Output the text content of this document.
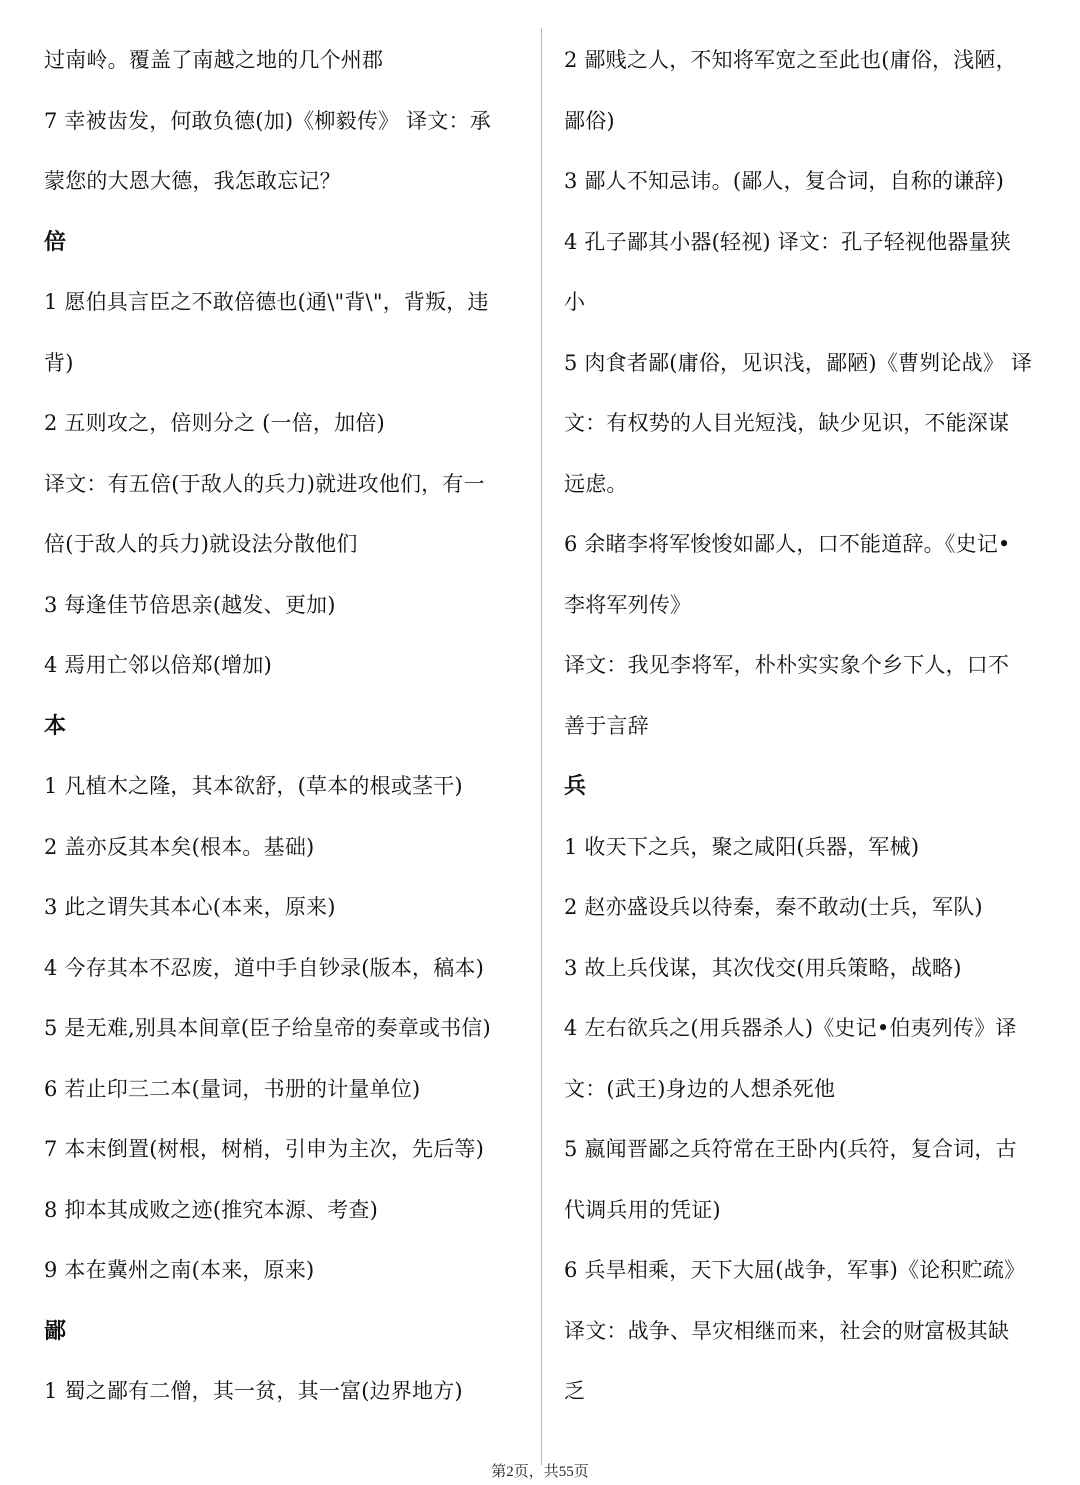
过南岭。覆盖了南越之地的几个州郡
7 幸被齿发，何敢负德(加)《柳毅传》 译文：承
蒙您的大恩大德，我怎敢忘记？
倍
1 愿伯具言臣之不敢倍德也(通\"背\"，背叛，违
背)
2 五则攻之，倍则分之 (一倍，加倍)
译文：有五倍(于敌人的兵力)就进攻他们，有一
倍(于敌人的兵力)就设法分散他们
3 每逢佳节倍思亲(越发、更加)
4 焉用亡邻以倍郑(增加)
本
1 凡植木之隆，其本欲舒，(草本的根或茎干)
2 盖亦反其本矣(根本。基础)
3 此之谓失其本心(本来，原来)
4 今存其本不忍废，道中手自钞录(版本，稿本)
5 是无难,别具本间章(臣子给皇帝的奏章或书信)
6 若止印三二本(量词，书册的计量单位)
7 本末倒置(树根，树梢，引申为主次，先后等)
8 抑本其成败之迹(推究本源、考查)
9 本在冀州之南(本来，原来)
鄙
1 蜀之鄙有二僧，其一贫，其一富(边界地方)
2 鄙贱之人，不知将军宽之至此也(庸俗，浅陋，
鄙俗)
3 鄙人不知忌讳。(鄙人，复合词，自称的谦辞)
4 孔子鄙其小器(轻视) 译文：孔子轻视他器量狭
小
5 肉食者鄙(庸俗，见识浅，鄙陋)《曹刿论战》 译
文：有权势的人目光短浅，缺少见识，不能深谋
远虑。
6 余睹李将军悛悛如鄙人，口不能道辞。《史记•
李将军列传》
译文：我见李将军，朴朴实实象个乡下人，口不
善于言辞
兵
1 收天下之兵，聚之咸阳(兵器，军械)
2 赵亦盛设兵以待秦，秦不敢动(士兵，军队)
3 故上兵伐谋，其次伐交(用兵策略，战略)
4 左右欲兵之(用兵器杀人)《史记•伯夷列传》译
文：(武王)身边的人想杀死他
5 嬴闻晋鄙之兵符常在王卧内(兵符，复合词，古
代调兵用的凭证)
6 兵旱相乘，天下大屈(战争，军事)《论积贮疏》
译文：战争、旱灾相继而来，社会的财富极其缺
乏
第2页，共55页
